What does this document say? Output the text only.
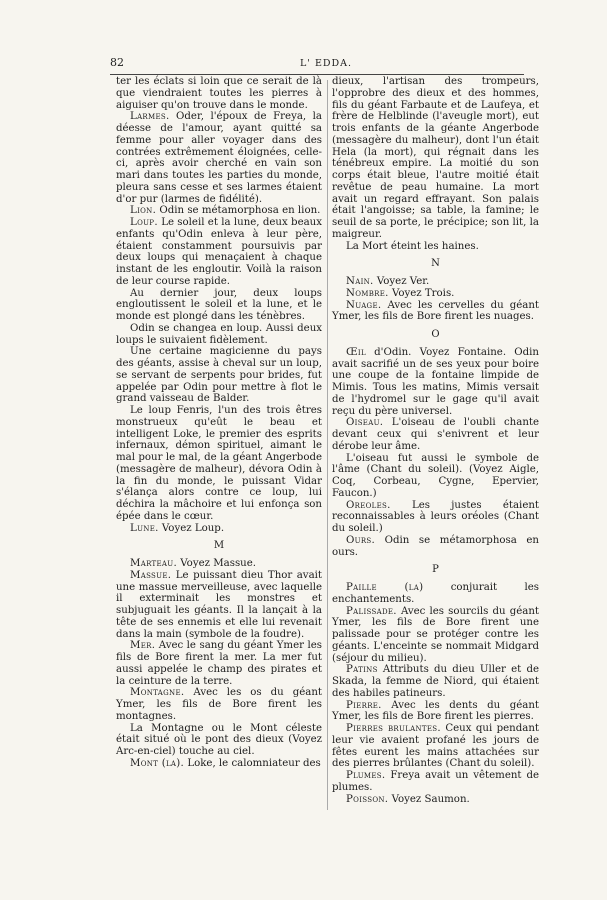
82	L' EDDA.

ter les éclats si loin que ce serait de là que viendraient toutes les pierres à aiguiser qu'on trouve dans le monde.

Larmes. Oder, l'époux de Freya, la déesse de l'amour, ayant quitté sa femme pour aller voyager dans des contrées extrêmement éloignées, celle-ci, après avoir cherché en vain son mari dans toutes les parties du monde, pleura sans cesse et ses larmes étaient d'or pur (larmes de fidélité).

Lion. Odin se métamorphosa en lion.

Loup. Le soleil et la lune, deux beaux enfants qu'Odin enleva à leur père, étaient constamment poursuivis par deux loups qui menaçaient à chaque instant de les engloutir. Voilà la raison de leur course rapide.

Au dernier jour, deux loups engloutissent le soleil et la lune, et le monde est plongé dans les ténèbres.

Odin se changea en loup. Aussi deux loups le suivaient fidèlement.

Une certaine magicienne du pays des géants, assise à cheval sur un loup, se servant de serpents pour brides, fut appelée par Odin pour mettre à flot le grand vaisseau de Balder.

Le loup Fenris, l'un des trois êtres monstrueux qu'eût le beau et intelligent Loke, le premier des esprits infernaux, démon spirituel, aimant le mal pour le mal, de la géant Angerbode (messagère de malheur), dévora Odin à la fin du monde, le puissant Vidar s'élança alors contre ce loup, lui déchira la mâchoire et lui enfonça son épée dans le cœur.

Lune. Voyez Loup.

M

Marteau. Voyez Massue.

Massue. Le puissant dieu Thor avait une massue merveilleuse, avec laquelle il exterminait les monstres et subjuguait les géants. Il la lançait à la tête de ses ennemis et elle lui revenait dans la main (symbole de la foudre).

Mer. Avec le sang du géant Ymer les fils de Bore firent la mer. La mer fut aussi appelée le champ des pirates et la ceinture de la terre.

Montagne. Avec les os du géant Ymer, les fils de Bore firent les montagnes.

La Montagne ou le Mont céleste était situé où le pont des dieux (Voyez Arc-en-ciel) touche au ciel.

Mont (la). Loke, le calomniateur des

dieux, l'artisan des trompeurs, l'opprobre des dieux et des hommes, fils du géant Farbaute et de Laufeya, et frère de Helblinde (l'aveugle mort), eut trois enfants de la géante Angerbode (messagère du malheur), dont l'un était Hela (la mort), qui régnait dans les ténébreux empire. La moitié du son corps était bleue, l'autre moitié était revêtue de peau humaine. La mort avait un regard effrayant. Son palais était l'angoisse; sa table, la famine; le seuil de sa porte, le précipice; son lit, la maigreur.

La Mort éteint les haines.

N

Nain. Voyez Ver.

Nombre. Voyez Trois.

Nuage. Avec les cervelles du géant Ymer, les fils de Bore firent les nuages.

O

Œil d'Odin. Voyez Fontaine. Odin avait sacrifié un de ses yeux pour boire une coupe de la fontaine limpide de Mimis. Tous les matins, Mimis versait de l'hydromel sur le gage qu'il avait reçu du père universel.

Oiseau. L'oiseau de l'oubli chante devant ceux qui s'enivrent et leur dérobe leur âme.

L'oiseau fut aussi le symbole de l'âme (Chant du soleil). (Voyez Aigle, Coq, Corbeau, Cygne, Epervier, Faucon.)

Oreoles. Les justes étaient reconnaissables à leurs oréoles (Chant du soleil.)

Ours. Odin se métamorphosa en ours.

P

Paille (la)	conjurait les enchantements.

Palissade. Avec les sourcils du géant Ymer, les fils de Bore firent une palissade pour se protéger contre les géants. L'enceinte se nommait Midgard (séjour du milieu).

Patins Attributs du dieu Uller et de Skada, la femme de Niord, qui étaient des habiles patineurs.

Pierre. Avec les dents du géant Ymer, les fils de Bore firent les pierres.

Pierres brulantes. Ceux qui pendant leur vie avaient profané les jours de fêtes eurent les mains attachées sur des pierres brûlantes (Chant du soleil).

Plumes. Freya avait un vêtement de plumes.

Poisson. Voyez Saumon.
